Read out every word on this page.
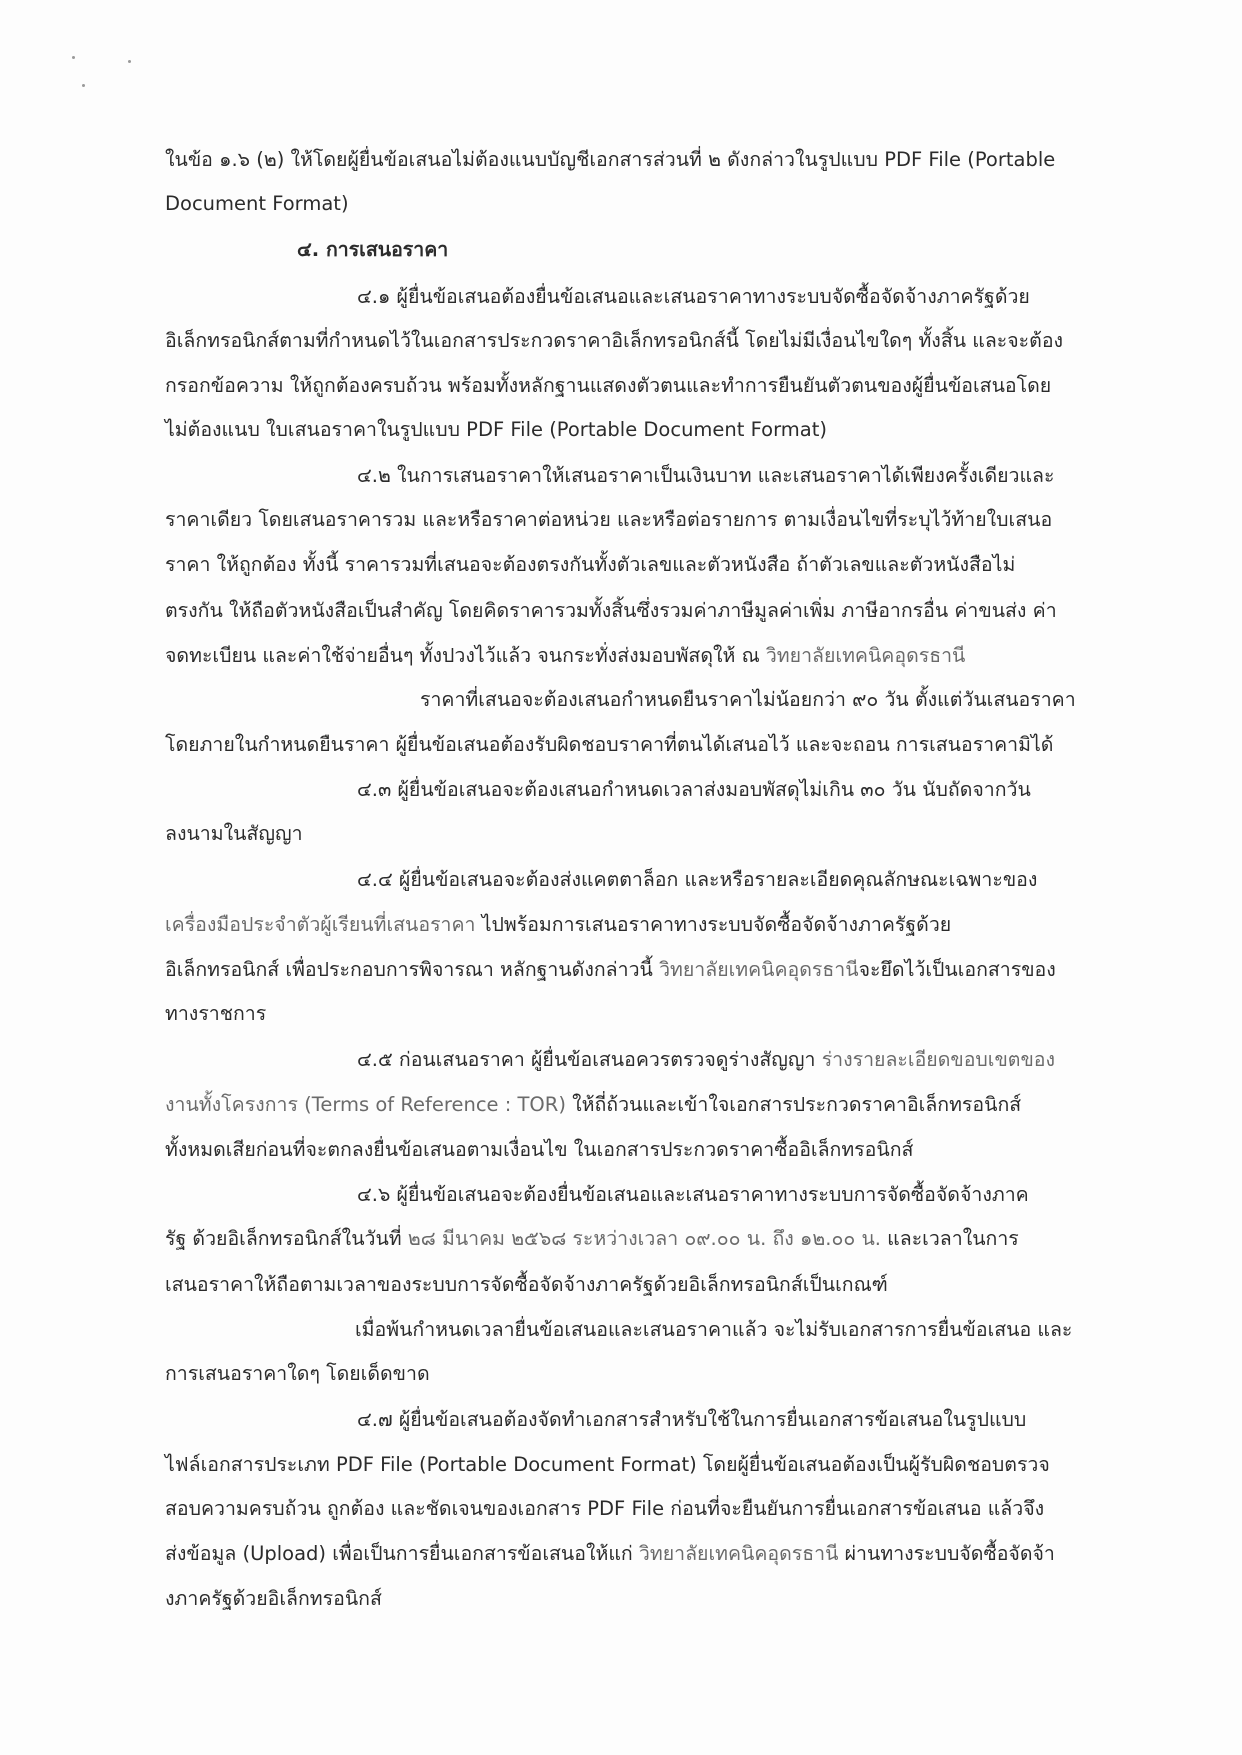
ในข้อ ๑.๖ (๒) ให้โดยผู้ยื่นข้อเสนอไม่ต้องแนบบัญชีเอกสารส่วนที่ ๒ ดังกล่าวในรูปแบบ PDF File (Portable
Document Format)
๔. การเสนอราคา
๔.๑ ผู้ยื่นข้อเสนอต้องยื่นข้อเสนอและเสนอราคาทางระบบจัดซื้อจัดจ้างภาครัฐด้วย
อิเล็กทรอนิกส์ตามที่กำหนดไว้ในเอกสารประกวดราคาอิเล็กทรอนิกส์นี้ โดยไม่มีเงื่อนไขใดๆ ทั้งสิ้น และจะต้อง
กรอกข้อความ ให้ถูกต้องครบถ้วน พร้อมทั้งหลักฐานแสดงตัวตนและทำการยืนยันตัวตนของผู้ยื่นข้อเสนอโดย
ไม่ต้องแนบ ใบเสนอราคาในรูปแบบ PDF File (Portable Document Format)
๔.๒ ในการเสนอราคาให้เสนอราคาเป็นเงินบาท และเสนอราคาได้เพียงครั้งเดียวและ
ราคาเดียว โดยเสนอราคารวม และหรือราคาต่อหน่วย และหรือต่อรายการ ตามเงื่อนไขที่ระบุไว้ท้ายใบเสนอ
ราคา ให้ถูกต้อง ทั้งนี้ ราคารวมที่เสนอจะต้องตรงกันทั้งตัวเลขและตัวหนังสือ ถ้าตัวเลขและตัวหนังสือไม่
ตรงกัน ให้ถือตัวหนังสือเป็นสำคัญ โดยคิดราคารวมทั้งสิ้นซึ่งรวมค่าภาษีมูลค่าเพิ่ม ภาษีอากรอื่น ค่าขนส่ง ค่า
จดทะเบียน และค่าใช้จ่ายอื่นๆ ทั้งปวงไว้แล้ว จนกระทั่งส่งมอบพัสดุให้ ณ วิทยาลัยเทคนิคอุดรธานี
ราคาที่เสนอจะต้องเสนอกำหนดยืนราคาไม่น้อยกว่า ๙๐ วัน ตั้งแต่วันเสนอราคา
โดยภายในกำหนดยืนราคา ผู้ยื่นข้อเสนอต้องรับผิดชอบราคาที่ตนได้เสนอไว้ และจะถอน การเสนอราคามิได้
๔.๓ ผู้ยื่นข้อเสนอจะต้องเสนอกำหนดเวลาส่งมอบพัสดุไม่เกิน ๓๐ วัน นับถัดจากวัน
ลงนามในสัญญา
๔.๔ ผู้ยื่นข้อเสนอจะต้องส่งแคตตาล็อก และหรือรายละเอียดคุณลักษณะเฉพาะของ
เครื่องมือประจำตัวผู้เรียนที่เสนอราคา ไปพร้อมการเสนอราคาทางระบบจัดซื้อจัดจ้างภาครัฐด้วย
อิเล็กทรอนิกส์ เพื่อประกอบการพิจารณา หลักฐานดังกล่าวนี้ วิทยาลัยเทคนิคอุดรธานีจะยึดไว้เป็นเอกสารของ
ทางราชการ
๔.๕ ก่อนเสนอราคา ผู้ยื่นข้อเสนอควรตรวจดูร่างสัญญา ร่างรายละเอียดขอบเขตของ
งานทั้งโครงการ (Terms of Reference : TOR) ให้ถี่ถ้วนและเข้าใจเอกสารประกวดราคาอิเล็กทรอนิกส์
ทั้งหมดเสียก่อนที่จะตกลงยื่นข้อเสนอตามเงื่อนไข ในเอกสารประกวดราคาซื้ออิเล็กทรอนิกส์
๔.๖ ผู้ยื่นข้อเสนอจะต้องยื่นข้อเสนอและเสนอราคาทางระบบการจัดซื้อจัดจ้างภาค
รัฐ ด้วยอิเล็กทรอนิกส์ในวันที่ ๒๘ มีนาคม ๒๕๖๘ ระหว่างเวลา ๐๙.๐๐ น. ถึง ๑๒.๐๐ น. และเวลาในการ
เสนอราคาให้ถือตามเวลาของระบบการจัดซื้อจัดจ้างภาครัฐด้วยอิเล็กทรอนิกส์เป็นเกณฑ์
เมื่อพ้นกำหนดเวลายื่นข้อเสนอและเสนอราคาแล้ว จะไม่รับเอกสารการยื่นข้อเสนอ และ
การเสนอราคาใดๆ โดยเด็ดขาด
๔.๗ ผู้ยื่นข้อเสนอต้องจัดทำเอกสารสำหรับใช้ในการยื่นเอกสารข้อเสนอในรูปแบบ
ไฟล์เอกสารประเภท PDF File (Portable Document Format) โดยผู้ยื่นข้อเสนอต้องเป็นผู้รับผิดชอบตรวจ
สอบความครบถ้วน ถูกต้อง และชัดเจนของเอกสาร PDF File ก่อนที่จะยืนยันการยื่นเอกสารข้อเสนอ แล้วจึง
ส่งข้อมูล (Upload) เพื่อเป็นการยื่นเอกสารข้อเสนอให้แก่ วิทยาลัยเทคนิคอุดรธานี ผ่านทางระบบจัดซื้อจัดจ้า
งภาครัฐด้วยอิเล็กทรอนิกส์
